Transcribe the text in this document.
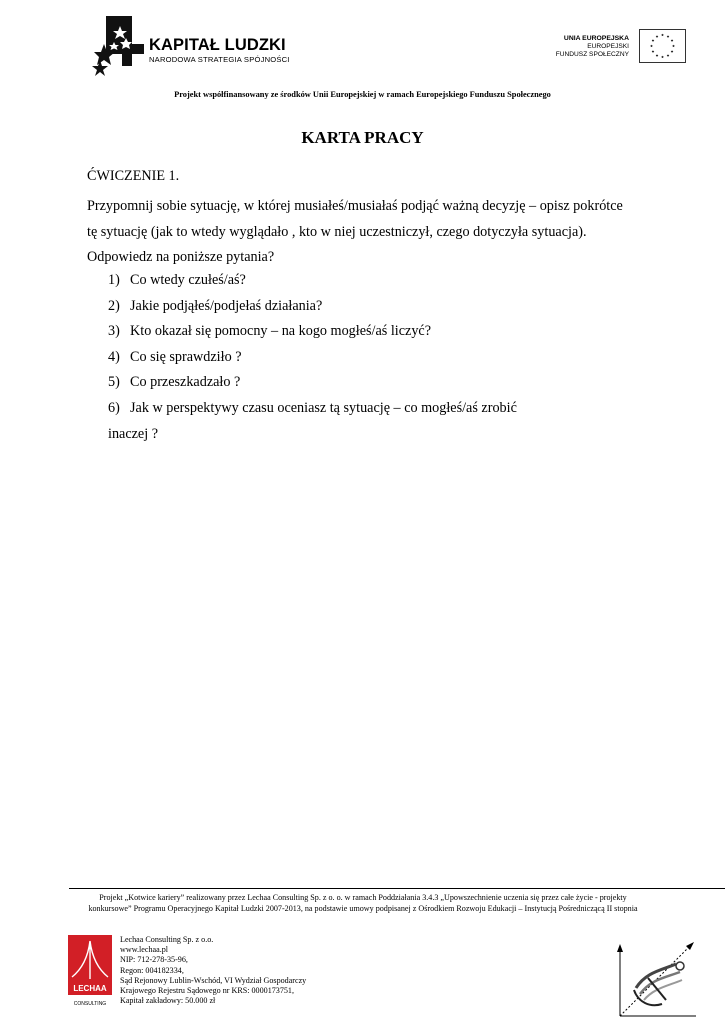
KAPITAŁ LUDZKI
NARODOWA STRATEGIA SPÓJNOŚCI
UNIA EUROPEJSKA
EUROPEJSKI
FUNDUSZ SPOŁECZNY
Projekt współfinansowany ze środków Unii Europejskiej w ramach Europejskiego Funduszu Społecznego
KARTA PRACY
ĆWICZENIE 1.
Przypomnij sobie sytuację, w której musiałeś/musiałaś podjąć ważną decyzję – opisz pokrótce
tę sytuację (jak to wtedy wyglądało , kto w niej uczestniczył, czego dotyczyła sytuacja).
Odpowiedz na poniższe pytania?
1) Co wtedy czułeś/aś?
2) Jakie podjąłeś/podjełaś działania?
3) Kto okazał się pomocny – na kogo mogłeś/aś liczyć?
4) Co się sprawdziło ?
5) Co przeszkadzało ?
6) Jak w perspektywy czasu oceniasz tą sytuację – co mogłeś/aś zrobić
inaczej ?
Projekt „Kotwice kariery” realizowany przez Lechaa Consulting Sp. z o. o. w ramach Poddziałania 3.4.3 „Upowszechnienie uczenia się przez całe życie - projekty konkursowe” Programu Operacyjnego Kapitał Ludzki 2007-2013, na podstawie umowy podpisanej z Ośrodkiem Rozwoju Edukacji – Instytucją Pośredniczącą II stopnia
LECHAA
CONSULTING
Lechaa Consulting Sp. z o.o.
www.lechaa.pl
NIP: 712-278-35-96,
Regon: 004182334,
Sąd Rejonowy Lublin-Wschód, VI Wydział Gospodarczy
Krajowego Rejestru Sądowego nr KRS: 0000173751,
Kapitał zakładowy: 50.000 zł
